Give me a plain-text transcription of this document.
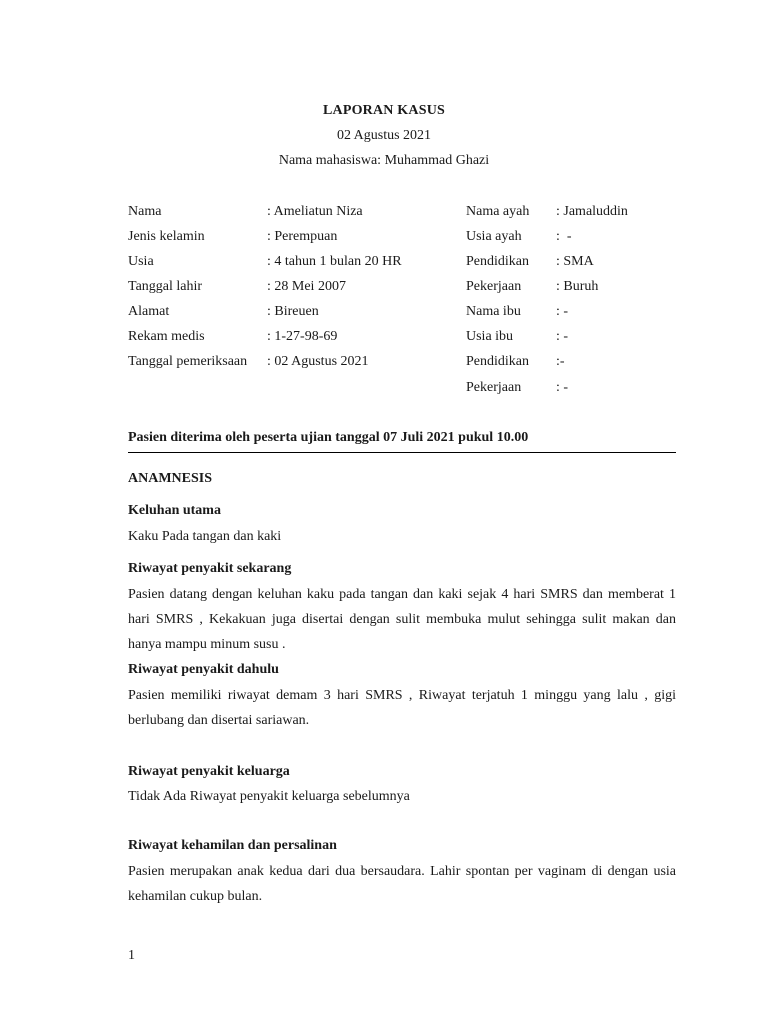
LAPORAN KASUS
02 Agustus 2021
Nama mahasiswa: Muhammad Ghazi
Nama	: Ameliatun Niza	Nama ayah : Jamaluddin
Jenis kelamin	: Perempuan	Usia ayah :  -
Usia	: 4 tahun 1 bulan 20 HR	Pendidikan : SMA
Tanggal lahir	: 28 Mei 2007	Pekerjaan : Buruh
Alamat	: Bireuen	Nama ibu	: -
Rekam medis	: 1-27-98-69	Usia ibu	: -
Tanggal pemeriksaan : 02 Agustus 2021	Pendidikan :-
Pekerjaan : -
Pasien diterima oleh peserta ujian tanggal 07 Juli 2021 pukul 10.00
ANAMNESIS
Keluhan utama
Kaku Pada tangan dan kaki
Riwayat penyakit sekarang
Pasien datang dengan keluhan kaku pada tangan dan kaki sejak 4 hari SMRS dan memberat 1 hari SMRS , Kekakuan juga disertai dengan sulit membuka mulut sehingga sulit makan dan hanya mampu minum susu .
Riwayat penyakit dahulu
Pasien memiliki riwayat demam 3 hari SMRS , Riwayat terjatuh 1 minggu yang lalu , gigi berlubang dan disertai sariawan.
Riwayat penyakit keluarga
Tidak Ada Riwayat penyakit keluarga sebelumnya
Riwayat kehamilan dan persalinan
Pasien merupakan anak kedua dari dua bersaudara. Lahir spontan per vaginam di dengan usia kehamilan cukup bulan.
1
